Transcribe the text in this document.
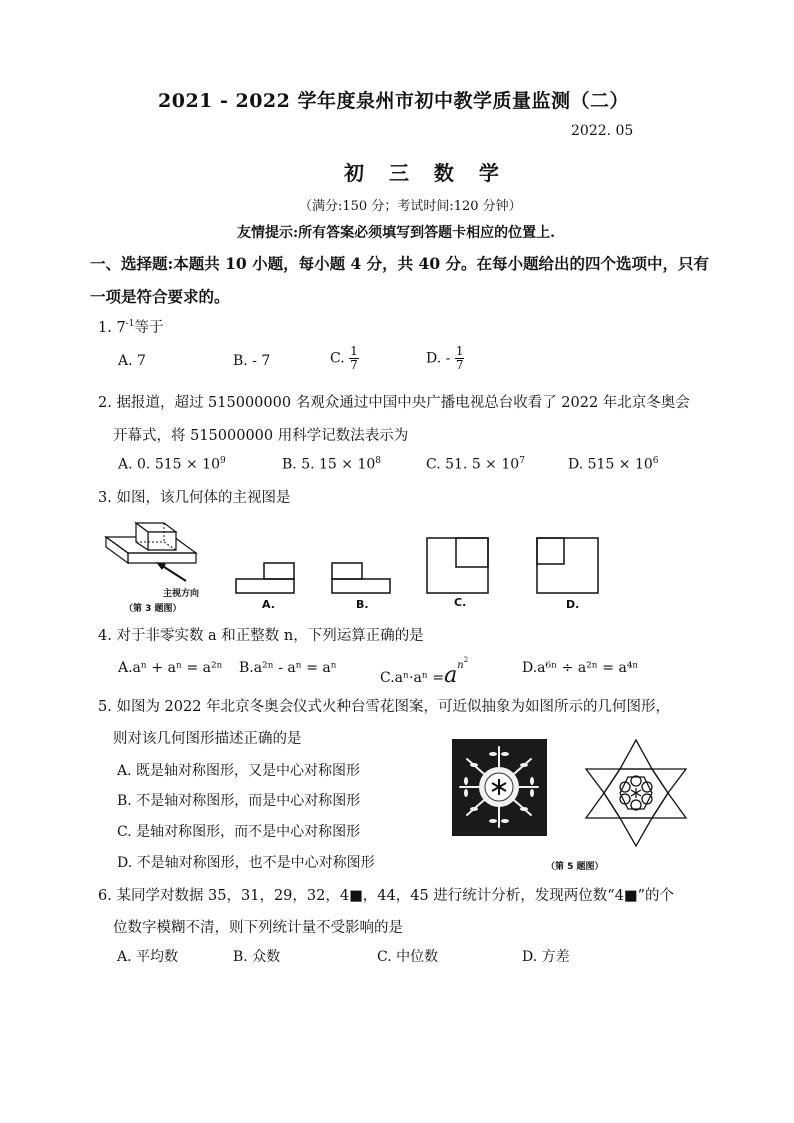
2021 - 2022 学年度泉州市初中教学质量监测（二）
2022. 05
初 三 数 学
（满分:150 分；考试时间:120 分钟）
友情提示:所有答案必须填写到答题卡相应的位置上.
一、选择题:本题共 10 小题，每小题 4 分，共 40 分。在每小题给出的四个选项中，只有
一项是符合要求的。
1. $7^{-1}$等于
A. 7	B. - 7	C. $\frac{1}{7}$	D. - $\frac{1}{7}$
2. 据报道，超过 515000000 名观众通过中国中央广播电视总台收看了 2022 年北京冬奥会
开幕式，将 515000000 用科学记数法表示为
A. 0. $515 \times 10^9$	B. 5. $15 \times 10^8$	C. 51. $5 \times 10^7$	D. $515 \times 10^6$
3. 如图，该几何体的主视图是
主视方向
（第 3 题图）	A.	B.	C.	D.
4. 对于非零实数 a 和正整数 n，下列运算正确的是
A.aⁿ + aⁿ = a²ⁿ B.a²ⁿ - aⁿ = aⁿ
$C.a^n\cdot a^n =a^{n2}$	D.a⁶ⁿ ÷ a²ⁿ = a⁴ⁿ
5. 如图为 2022 年北京冬奥会仪式火种台雪花图案，可近似抽象为如图所示的几何图形，
则对该几何图形描述正确的是
A. 既是轴对称图形，又是中心对称图形
B. 不是轴对称图形，而是中心对称图形
C. 是轴对称图形，而不是中心对称图形
D. 不是轴对称图形，也不是中心对称图形	（第 5 题图）
6. 某同学对数据 35，31，29，32，4■，44，45 进行统计分析，发现两位数“4■”的个
位数字模糊不清，则下列统计量不受影响的是
A. 平均数	B. 众数	C. 中位数	D. 方差
